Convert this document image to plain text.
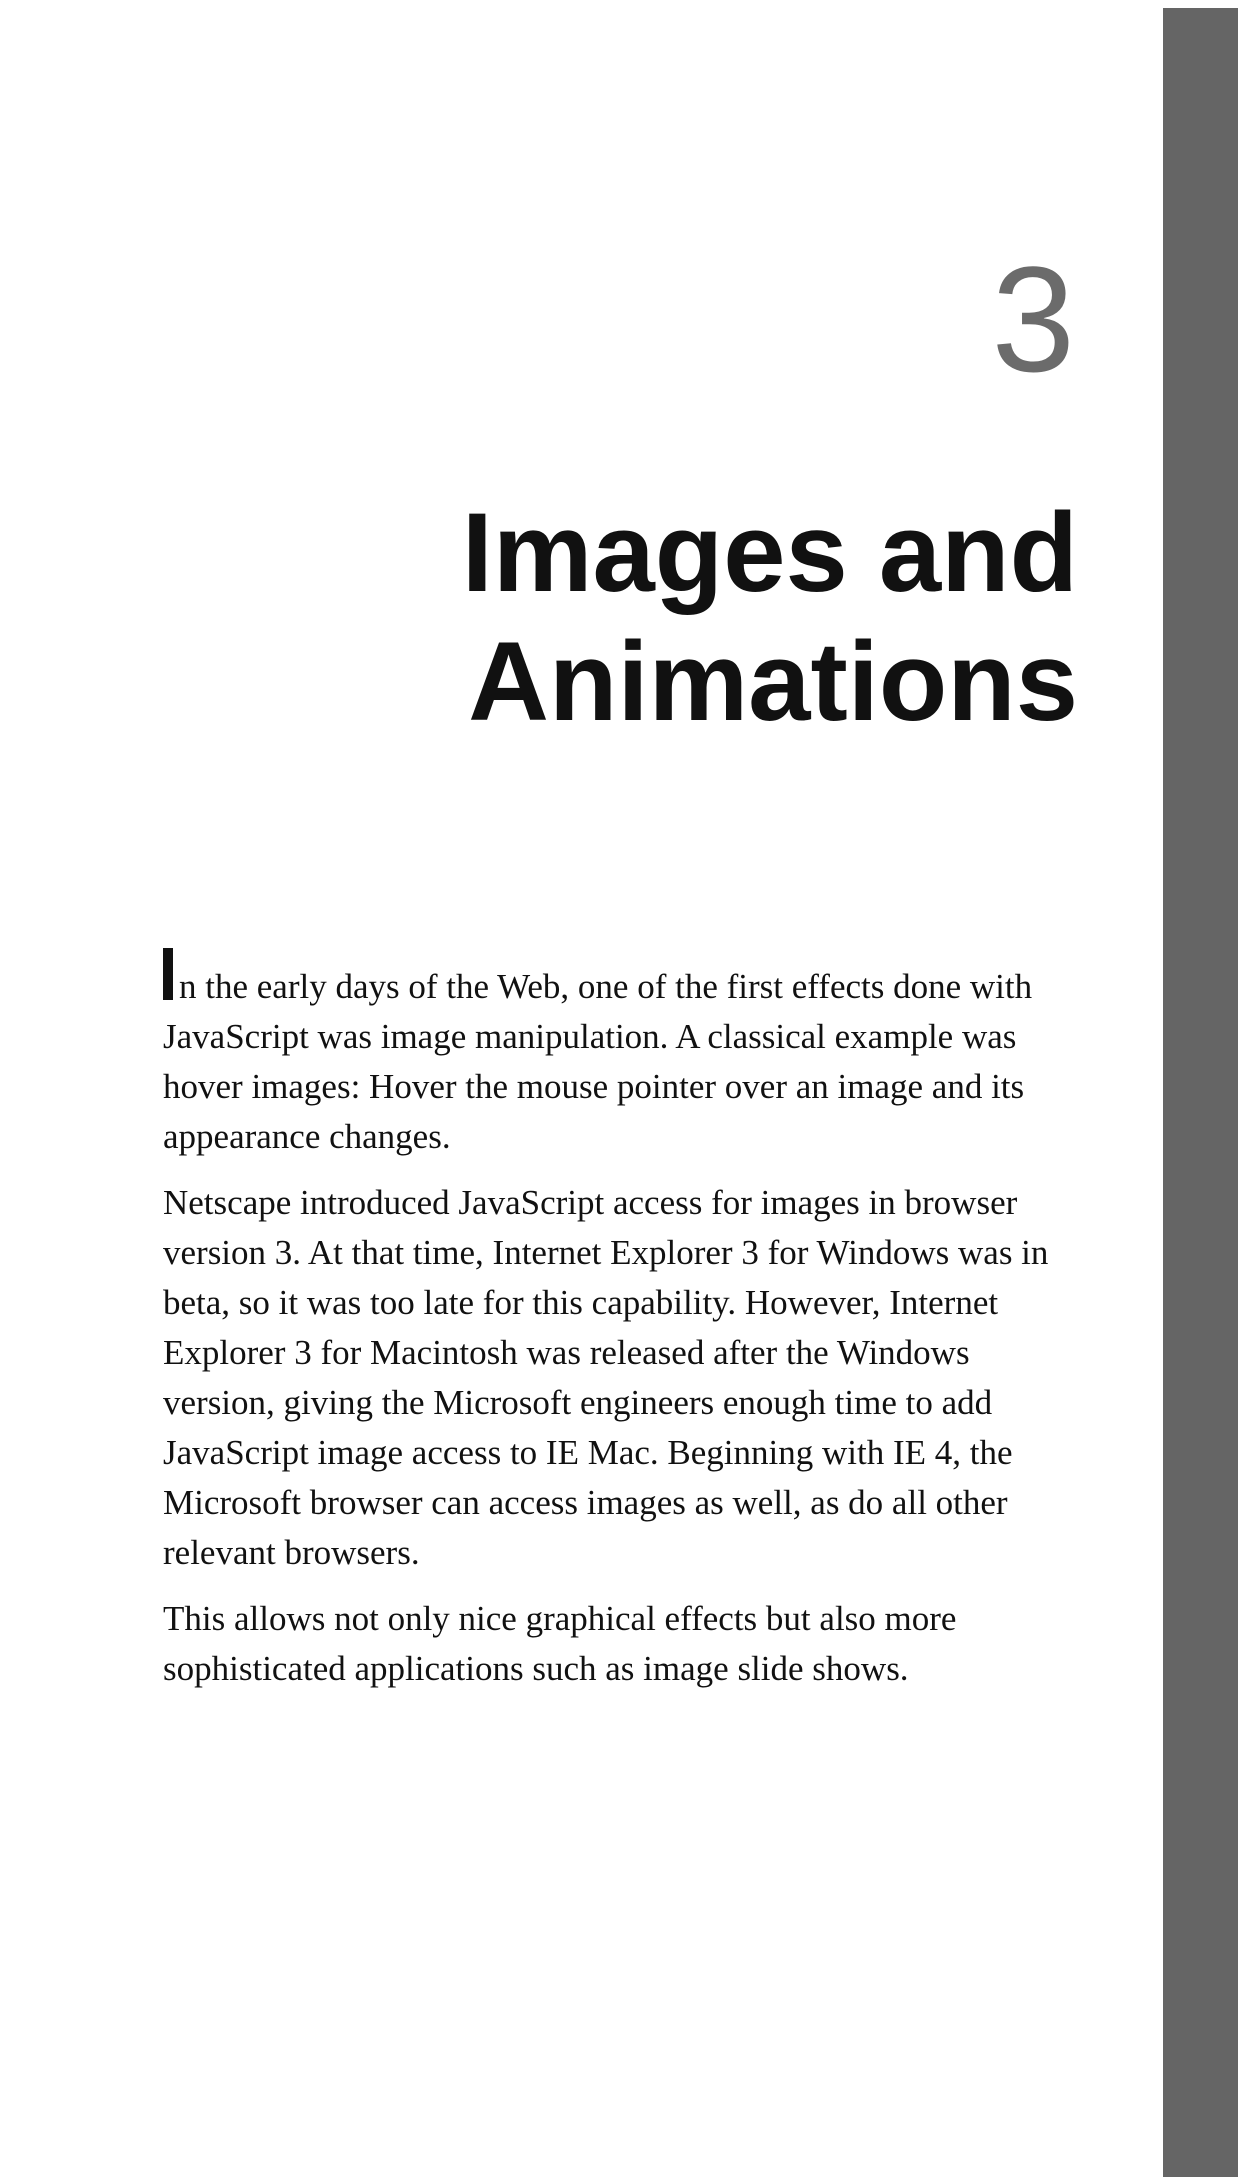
3
Images and
Animations

n the early days of the Web, one of the first effects done with JavaScript was image manipulation. A classical example was hover images: Hover the mouse pointer over an image and its appearance changes.

Netscape introduced JavaScript access for images in browser version 3. At that time, Internet Explorer 3 for Windows was in beta, so it was too late for this capability. However, Internet Explorer 3 for Macintosh was released after the Windows version, giving the Microsoft engineers enough time to add JavaScript image access to IE Mac. Beginning with IE 4, the Microsoft browser can access images as well, as do all other relevant browsers.

This allows not only nice graphical effects but also more sophisticated applications such as image slide shows.
